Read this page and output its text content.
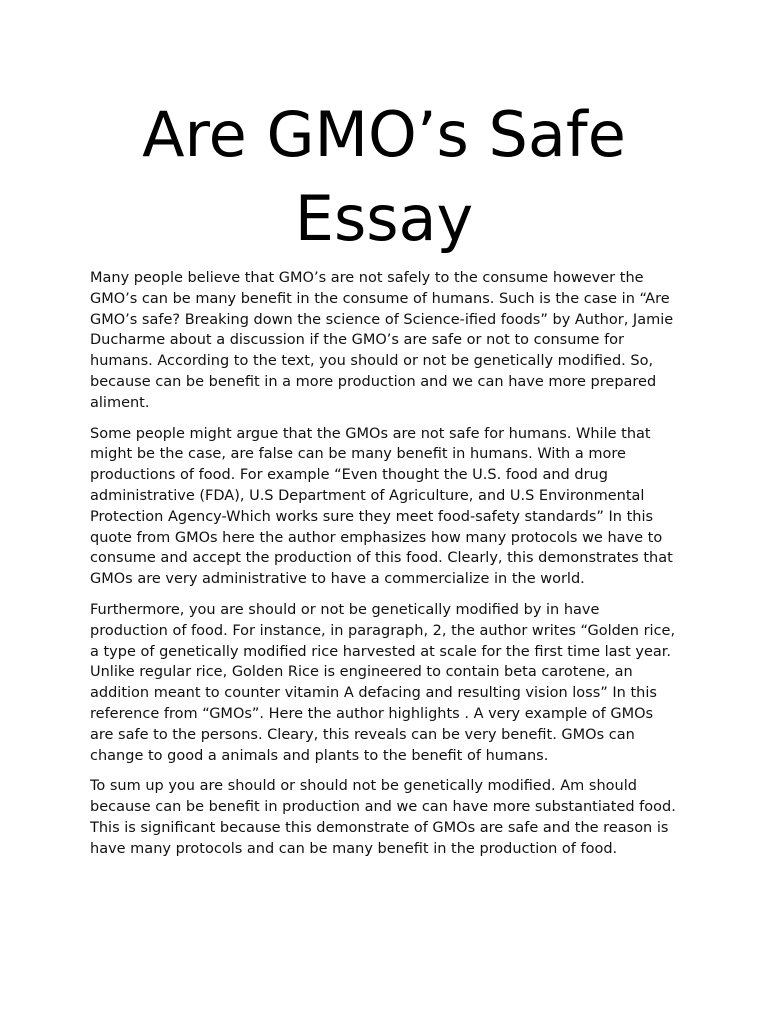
Are GMO’s Safe Essay

Many people believe that GMO’s are not safely to the consume however the GMO’s can be many benefit in the consume of humans. Such is the case in “Are GMO’s safe? Breaking down the science of Science-ified foods” by Author, Jamie Ducharme about a discussion if the GMO’s are safe or not to consume for humans. According to the text, you should or not be genetically modified. So, because can be benefit in a more production and we can have more prepared aliment.

Some people might argue that the GMOs are not safe for humans. While that might be the case, are false can be many benefit in humans. With a more productions of food. For example “Even thought the U.S. food and drug administrative (FDA), U.S Department of Agriculture, and U.S Environmental Protection Agency-Which works sure they meet food-safety standards” In this quote from GMOs here the author emphasizes how many protocols we have to consume and accept the production of this food. Clearly, this demonstrates that GMOs are very administrative to have a commercialize in the world.

Furthermore, you are should or not be genetically modified by in have production of food. For instance, in paragraph, 2, the author writes “Golden rice, a type of genetically modified rice harvested at scale for the first time last year. Unlike regular rice, Golden Rice is engineered to contain beta carotene, an addition meant to counter vitamin A defacing and resulting vision loss” In this reference from “GMOs”. Here the author highlights . A very example of GMOs are safe to the persons. Cleary, this reveals can be very benefit. GMOs can change to good a animals and plants to the benefit of humans.

To sum up you are should or should not be genetically modified. Am should because can be benefit in production and we can have more substantiated food. This is significant because this demonstrate of GMOs are safe and the reason is have many protocols and can be many benefit in the production of food.
